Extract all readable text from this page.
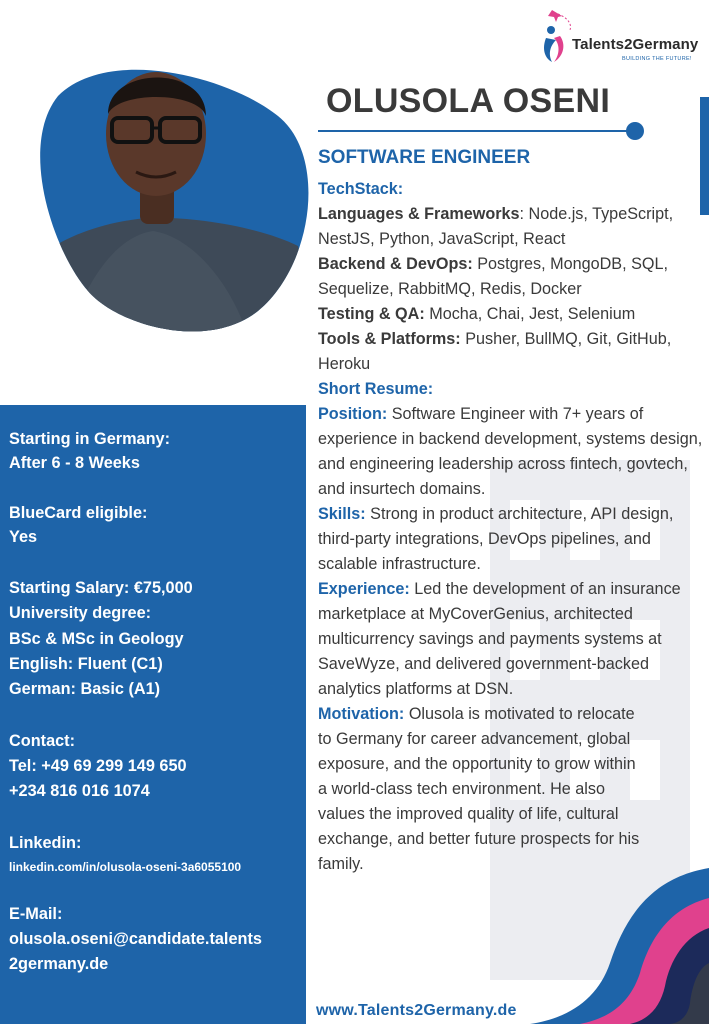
Talents2Germany
BUILDING THE FUTURE!
OLUSOLA OSENI
SOFTWARE ENGINEER

TechStack:

Languages & Frameworks: Node.js, TypeScript, NestJS, Python, JavaScript, React

Backend & DevOps: Postgres, MongoDB, SQL, Sequelize, RabbitMQ, Redis, Docker

Testing & QA: Mocha, Chai, Jest, Selenium

Tools & Platforms: Pusher, BullMQ, Git, GitHub, Heroku

Short Resume:

Position: Software Engineer with 7+ years of experience in backend development, systems design, and engineering leadership across fintech, govtech, and insurtech domains.

Skills: Strong in product architecture, API design, third-party integrations, DevOps pipelines, and scalable infrastructure.

Experience: Led the development of an insurance marketplace at MyCoverGenius, architected multicurrency savings and payments systems at SaveWyze, and delivered government-backed analytics platforms at DSN.

Motivation: Olusola is motivated to relocate to Germany for career advancement, global exposure, and the opportunity to grow within a world-class tech environment. He also values the improved quality of life, cultural exchange, and better future prospects for his family.

Starting in Germany:
After 6 - 8 Weeks
BlueCard eligible:
Yes
Starting Salary: €75,000
University degree:
BSc & MSc in Geology
English: Fluent (C1)
German: Basic (A1)
Contact:
Tel: +49 69 299 149 650
+234 816 016 1074
Linkedin:
linkedin.com/in/olusola-oseni-3a6055100
E-Mail:
olusola.oseni@candidate.talents
2germany.de
www.Talents2Germany.de
